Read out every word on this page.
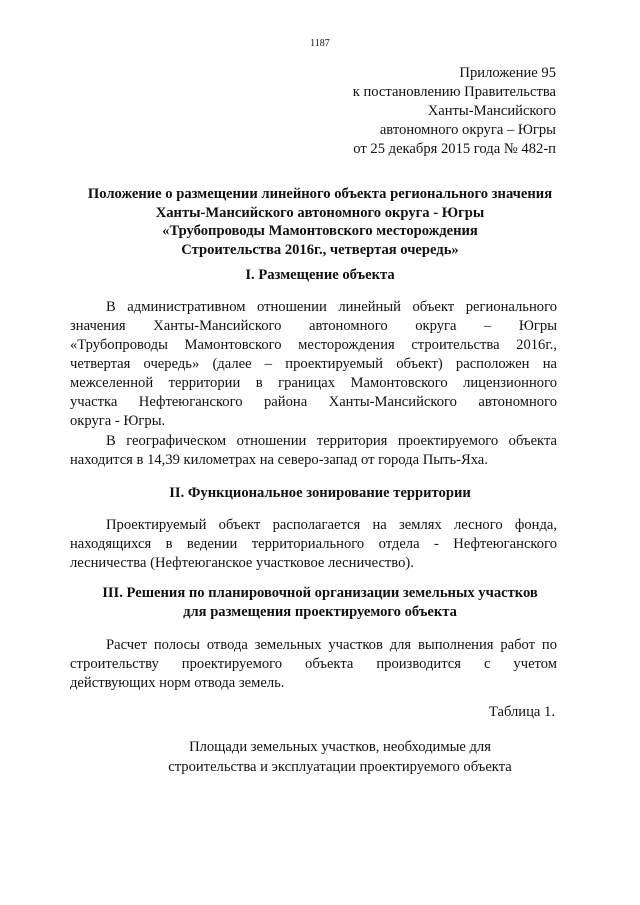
1187
Приложение 95
к постановлению Правительства
Ханты-Мансийского
автономного округа – Югры
от 25 декабря 2015 года № 482-п
Положение о размещении линейного объекта регионального значения
Ханты-Мансийского автономного округа - Югры
«Трубопроводы Мамонтовского месторождения
Строительства 2016г., четвертая очередь»
I. Размещение объекта
В административном отношении линейный объект регионального
значения Ханты-Мансийского автономного округа – Югры
«Трубопроводы Мамонтовского месторождения строительства 2016г.,
четвертая очередь» (далее – проектируемый объект) расположен на
межселенной территории в границах Мамонтовского лицензионного
участка Нефтеюганского района Ханты-Мансийского автономного
округа - Югры.
В географическом отношении территория проектируемого объекта
находится в 14,39 километрах на северо-запад от города Пыть-Яха.
II. Функциональное зонирование территории
Проектируемый объект располагается на землях лесного фонда,
находящихся в ведении территориального отдела - Нефтеюганского
лесничества (Нефтеюганское участковое лесничество).
III. Решения по планировочной организации земельных участков
для размещения проектируемого объекта
Расчет полосы отвода земельных участков для выполнения работ по
строительству проектируемого объекта производится с учетом
действующих норм отвода земель.
Таблица 1.
Площади земельных участков, необходимые для
строительства и эксплуатации проектируемого объекта
